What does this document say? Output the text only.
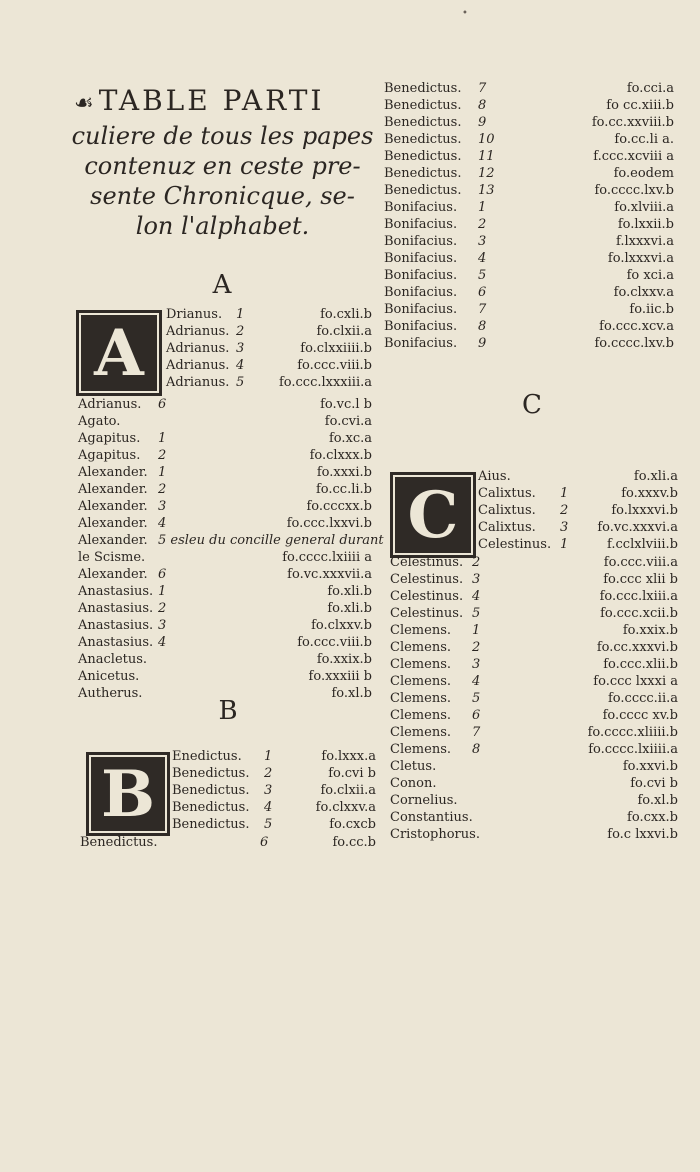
•
☙TABLE PARTI
culiere de tous les papes
contenuz en ceste pre-
sente Chronicque, se-
lon l'alphabet.
A
A
Drianus. 1	fo.cxli.b
Adrianus. 2	fo.clxii.a
Adrianus. 3	fo.clxxiiii.b
Adrianus. 4	fo.ccc.viii.b
Adrianus. 5	fo.ccc.lxxxiii.a
Adrianus. 6	fo.vc.l b
Agato.	fo.cvi.a
Agapitus. 1	fo.xc.a
Agapitus. 2	fo.clxxx.b
Alexander. 1	fo.xxxi.b
Alexander. 2	fo.cc.li.b
Alexander. 3	fo.cccxx.b
Alexander. 4	fo.ccc.lxxvi.b
Alexander. 5 esleu du concille general durant
le Scisme.	fo.cccc.lxiiii a
Alexander. 6	fo.vc.xxxvii.a
Anastasius. 1	fo.xli.b
Anastasius. 2	fo.xli.b
Anastasius. 3	fo.clxxv.b
Anastasius. 4	fo.ccc.viii.b
Anacletus.	fo.xxix.b
Anicetus.	fo.xxxiii b
Autherus.	fo.xl.b
B
B	Enedictus. 1	fo.lxxx.a
Benedictus. 2	fo.cvi b
Benedictus. 3	fo.clxii.a
Benedictus. 4	fo.clxxv.a
Benedictus. 5	fo.cxcb
Benedictus.	6	fo.cc.b
Benedictus. 7	fo.cci.a
Benedictus. 8	fo cc.xiii.b
Benedictus. 9	fo.cc.xxviii.b
Benedictus. 10	fo.cc.li a.
Benedictus. 11	f.ccc.xcviii a
Benedictus. 12	fo.eodem
Benedictus. 13	fo.cccc.lxv.b
Bonifacius. 1	fo.xlviii.a
Bonifacius. 2	fo.lxxii.b
Bonifacius. 3	f.lxxxvi.a
Bonifacius. 4	fo.lxxxvi.a
Bonifacius. 5	fo xci.a
Bonifacius. 6	fo.clxxv.a
Bonifacius. 7	fo.iic.b
Bonifacius. 8	fo.ccc.xcv.a
Bonifacius. 9	fo.cccc.lxv.b
C
C
Aius.	fo.xli.a
Calixtus. 1	fo.xxxv.b
Calixtus. 2	fo.lxxxvi.b
Calixtus. 3 fo.vc.xxxvi.a
Celestinus. 1	f.cclxlviii.b
Celestinus. 2	fo.ccc.viii.a
Celestinus. 3	fo.ccc xlii b
Celestinus. 4	fo.ccc.lxiii.a
Celestinus. 5	fo.ccc.xcii.b
Clemens. 1	fo.xxix.b
Clemens. 2	fo.cc.xxxvi.b
Clemens. 3	fo.ccc.xlii.b
Clemens. 4	fo.ccc lxxxi a
Clemens. 5	fo.cccc.ii.a
Clemens. 6	fo.cccc xv.b
Clemens. 7	fo.cccc.xliiii.b
Clemens. 8	fo.cccc.lxiiii.a
Cletus.	fo.xxvi.b
Conon.	fo.cvi b
Cornelius.	fo.xl.b
Constantius.	fo.cxx.b
Cristophorus.	fo.c lxxvi.b
